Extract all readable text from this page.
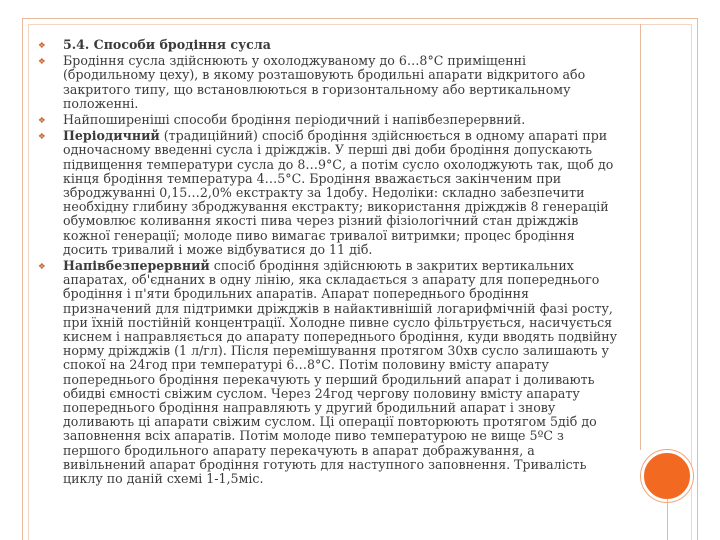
❖ 5.4. Способи бродіння сусла
❖ Бродіння сусла здійснюють у охолоджуваному до 6…8°С приміщенні (бродильному цеху), в якому розташовують бродильні апарати відкритого або закритого типу, що встановлюються в горизонтальному або вертикальному положенні.
❖ Найпоширеніші способи бродіння періодичний і напівбезперервний.
❖ Періодичний (традиційний) спосіб бродіння здійснюється в одному апараті при одночасному введенні сусла і дріжджів. У перші дві доби бродіння допускають підвищення температури сусла до 8…9°С, а потім сусло охолоджують так, щоб до кінця бродіння температура 4…5°С. Бродіння вважається закінченим при зброджуванні 0,15…2,0% екстракту за 1добу. Недоліки: складно забезпечити необхідну глибину зброджування екстракту; використання дріжджів 8 генерацій обумовлює коливання якості пива через різний фізіологічний стан дріжджів кожної генерації; молоде пиво вимагає тривалої витримки; процес бродіння досить тривалий і може відбуватися до 11 діб.
❖ Напівбезперервний спосіб бродіння здійснюють в закритих вертикальних апаратах, об'єднаних в одну лінію, яка складається з апарату для попереднього бродіння і п'яти бродильних апаратів. Апарат попереднього бродіння призначений для підтримки дріжджів в найактивнішій логарифмічній фазі росту, при їхній постійній концентрації. Холодне пивне сусло фільтрується, насичується киснем і направляється до апарату попереднього бродіння, куди вводять подвійну норму дріжджів (1 л/гл). Після перемішування протягом 30хв сусло залишають у спокої на 24год при температурі 6…8°С. Потім половину вмісту апарату попереднього бродіння перекачують у перший бродильний апарат і доливають обидві ємності свіжим суслом. Через 24год чергову половину вмісту апарату попереднього бродіння направляють у другий бродильний апарат і знову доливають ці апарати свіжим суслом. Ці операції повторюють протягом 5діб до заповнення всіх апаратів. Потім молоде пиво температурою не вище 5ºС з першого бродильного апарату перекачують в апарат дображування, а вивільнений апарат бродіння готують для наступного заповнення. Тривалість циклу по даній схемі 1-1,5міс.
